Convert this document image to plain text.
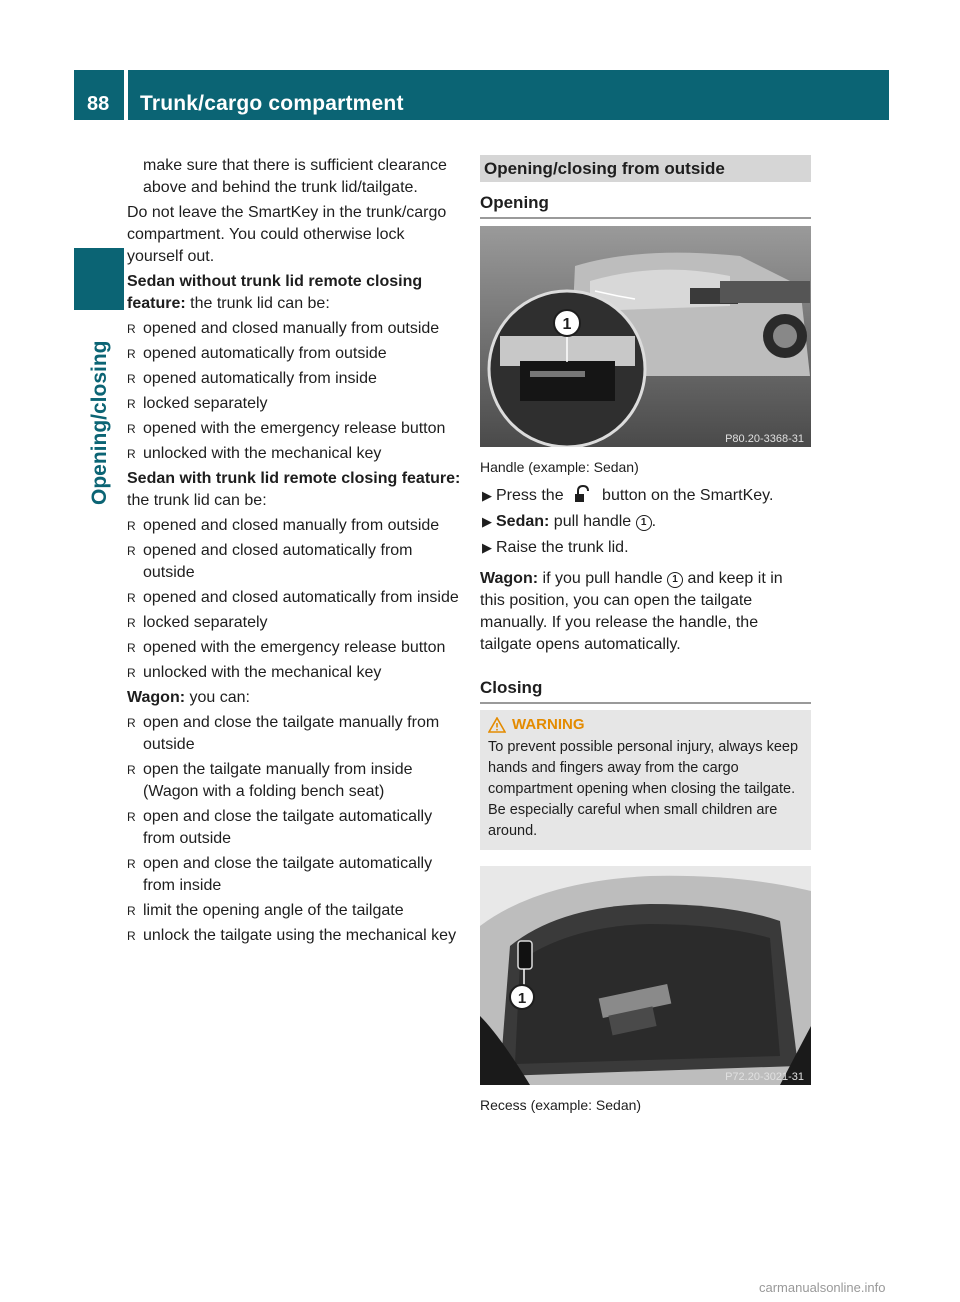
88	Trunk/cargo compartment
Opening/closing

make sure that there is sufficient clearance above and behind the trunk lid/tailgate.

Do not leave the SmartKey in the trunk/cargo compartment. You could otherwise lock yourself out.

Sedan without trunk lid remote closing feature: the trunk lid can be:

R opened and closed manually from outside
R opened automatically from outside
R opened automatically from inside
R locked separately
R opened with the emergency release button
R unlocked with the mechanical key

Sedan with trunk lid remote closing feature: the trunk lid can be:

R opened and closed manually from outside
R opened and closed automatically from outside
R opened and closed automatically from inside
R locked separately
R opened with the emergency release button
R unlocked with the mechanical key

Wagon: you can:

R open and close the tailgate manually from outside
R open the tailgate manually from inside (Wagon with a folding bench seat)
R open and close the tailgate automatically from outside
R open and close the tailgate automatically from inside
R limit the opening angle of the tailgate
R unlock the tailgate using the mechanical key
Opening/closing from outside
Opening
1
P80.20-3368-31
Handle (example: Sedan)
▶ Press the button on the SmartKey.
▶ Sedan: pull handle 1 .
▶ Raise the trunk lid.
Wagon: if you pull handle 1 and keep it in this position, you can open the tailgate manually. If you release the handle, the tailgate opens automatically.
Closing
WARNING
To prevent possible personal injury, always keep hands and fingers away from the cargo compartment opening when closing the tailgate. Be especially careful when small children are around.
1
P72.20-3021-31
Recess (example: Sedan)
carmanualsonline.info
